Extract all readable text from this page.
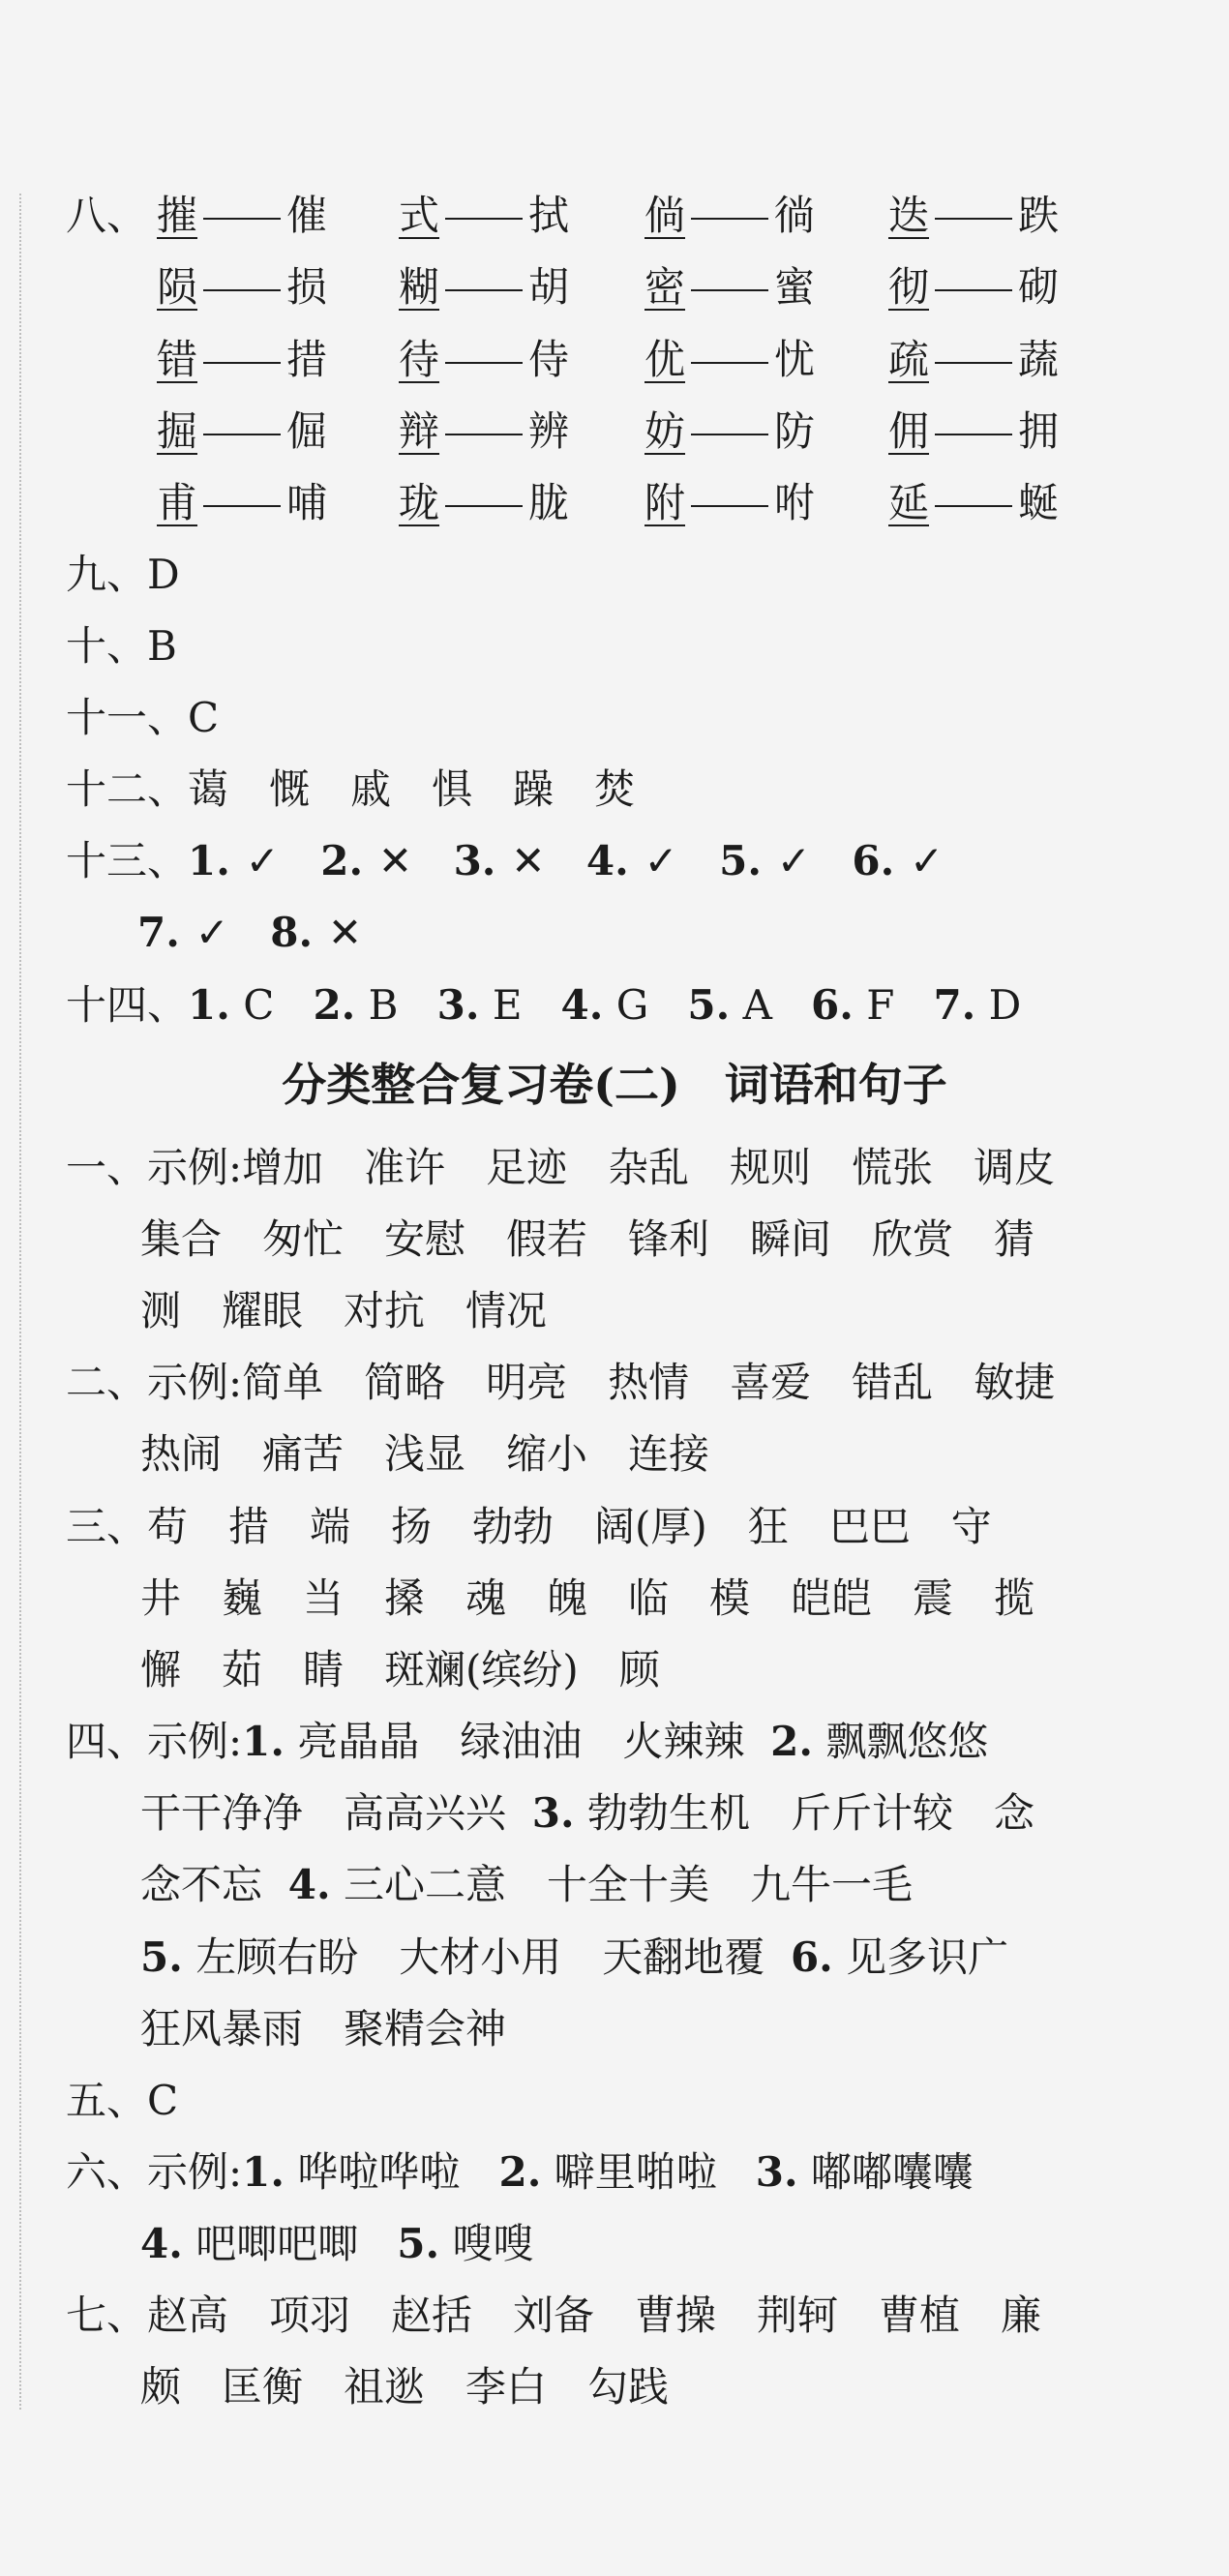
八、 摧 催 式 拭 倘 徜 迭 跌
陨 损 糊 胡 密 蜜 彻 砌
错 措 待 侍 优 忧 疏 蔬
掘 倔 辩 辨 妨 防 佣 拥
甫 哺 珑 胧 附 咐 延 蜒
九、D
十、B
十一、C
十二、蔼　慨　戚　惧　躁　焚
十三、1. ✓ 2. ✕ 3. ✕ 4. ✓ 5. ✓ 6. ✓
7. ✓ 8. ✕
十四、1. C 2. B 3. E 4. G 5. A 6. F 7. D
分类整合复习卷(二)　词语和句子
一、示例:增加　准许　足迹　杂乱　规则　慌张　调皮
集合　匆忙　安慰　假若　锋利　瞬间　欣赏　猜
测　耀眼　对抗　情况
二、示例:简单　简略　明亮　热情　喜爱　错乱　敏捷
热闹　痛苦　浅显　缩小　连接
三、苟　措　端　扬　勃勃　阔(厚)　狂　巴巴　守
井　巍　当　搡　魂　魄　临　模　皑皑　震　揽
懈　茹　睛　斑斓(缤纷)　顾
四、示例:1. 亮晶晶　绿油油　火辣辣 2. 飘飘悠悠
干干净净　高高兴兴 3. 勃勃生机　斤斤计较　念
念不忘 4. 三心二意　十全十美　九牛一毛
5. 左顾右盼　大材小用　天翻地覆 6. 见多识广
狂风暴雨　聚精会神
五、C
六、示例:1. 哗啦哗啦 2. 噼里啪啦 3. 嘟嘟囔囔
4. 吧唧吧唧 5. 嗖嗖
七、赵高　项羽　赵括　刘备　曹操　荆轲　曹植　廉
颇　匡衡　祖逖　李白　勾践
